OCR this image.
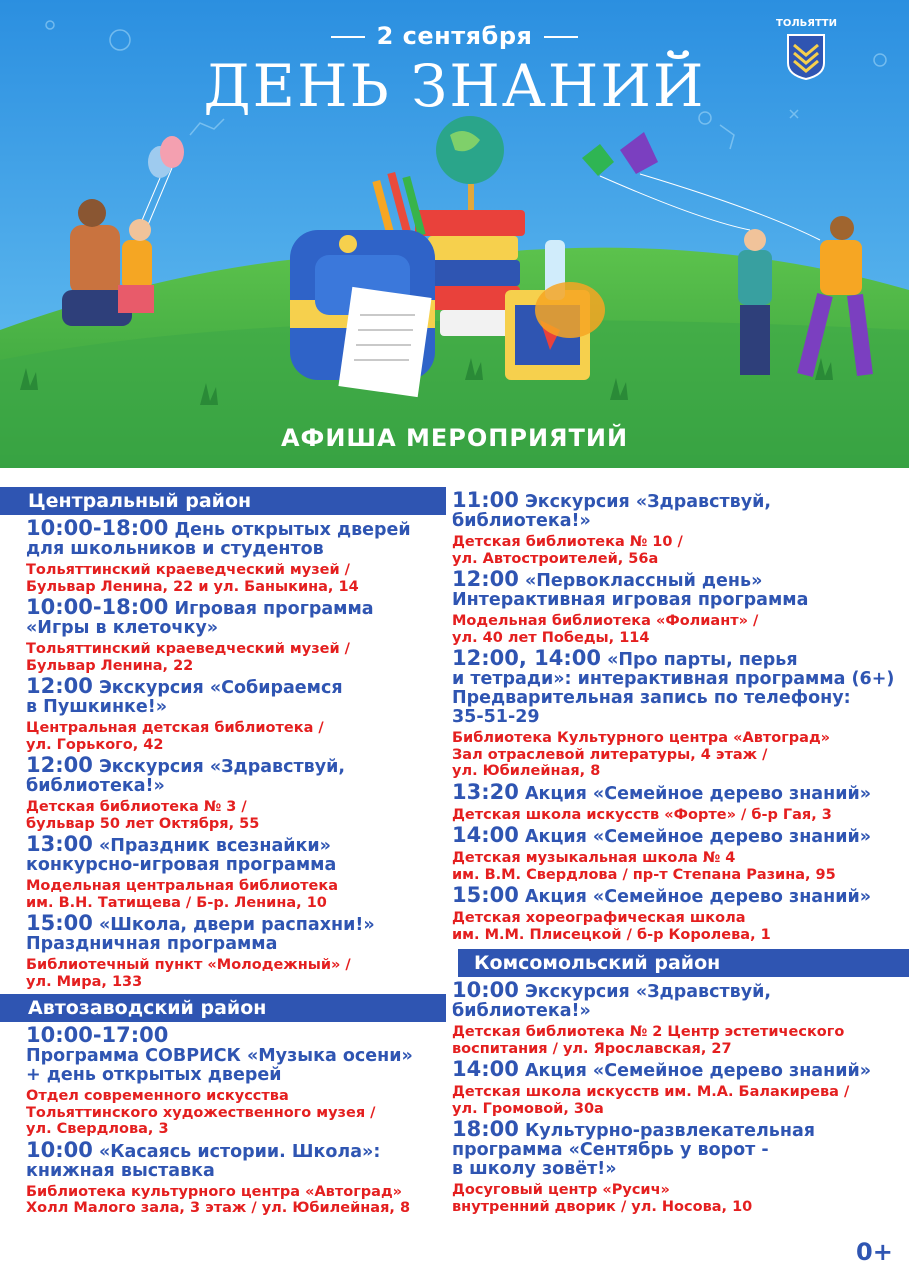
2 сентября
ДЕНЬ ЗНАНИЙ
ТОЛЬЯТТИ
АФИША МЕРОПРИЯТИЙ
Центральный район
10:00-18:00 День открытых дверей
для школьников и студентов
Тольяттинский краеведческий музей /
Бульвар Ленина, 22 и ул. Баныкина, 14
10:00-18:00 Игровая программа
«Игры в клеточку»
Тольяттинский краеведческий музей /
Бульвар Ленина, 22
12:00 Экскурсия «Собираемся
в Пушкинке!»
Центральная детская библиотека /
ул. Горького, 42
12:00 Экскурсия «Здравствуй,
библиотека!»
Детская библиотека № 3 /
бульвар 50 лет Октября, 55
13:00 «Праздник всезнайки»
конкурсно-игровая программа
Модельная центральная библиотека
им. В.Н. Татищева / Б-р. Ленина, 10
15:00 «Школа, двери распахни!»
Праздничная программа
Библиотечный пункт «Молодежный» /
ул. Мира, 133
Автозаводский район
10:00-17:00
Программа СОВРИСК «Музыка осени»
+ день открытых дверей
Отдел современного искусства
Тольяттинского художественного музея /
ул. Свердлова, 3
10:00 «Касаясь истории. Школа»:
книжная выставка
Библиотека культурного центра «Автоград»
Холл Малого зала, 3 этаж / ул. Юбилейная, 8
11:00 Экскурсия «Здравствуй,
библиотека!»
Детская библиотека № 10 /
ул. Автостроителей, 56а
12:00 «Первоклассный день»
Интерактивная игровая программа
Модельная библиотека «Фолиант» /
ул. 40 лет Победы, 114
12:00, 14:00 «Про парты, перья
и тетради»: интерактивная программа (6+)
Предварительная запись по телефону:
35-51-29
Библиотека Культурного центра «Автоград»
Зал отраслевой литературы, 4 этаж /
ул. Юбилейная, 8
13:20 Акция «Семейное дерево знаний»
Детская школа искусств «Форте» / б-р Гая, 3
14:00 Акция «Семейное дерево знаний»
Детская музыкальная школа № 4
им. В.М. Свердлова / пр-т Степана Разина, 95
15:00 Акция «Семейное дерево знаний»
Детская хореографическая школа
им. М.М. Плисецкой / б-р Королева, 1
Комсомольский район
10:00 Экскурсия «Здравствуй,
библиотека!»
Детская библиотека № 2 Центр эстетического
воспитания / ул. Ярославская, 27
14:00 Акция «Семейное дерево знаний»
Детская школа искусств им. М.А. Балакирева /
ул. Громовой, 30а
18:00 Культурно-развлекательная
программа «Сентябрь у ворот -
в школу зовёт!»
Досуговый центр «Русич»
внутренний дворик / ул. Носова, 10
0+
